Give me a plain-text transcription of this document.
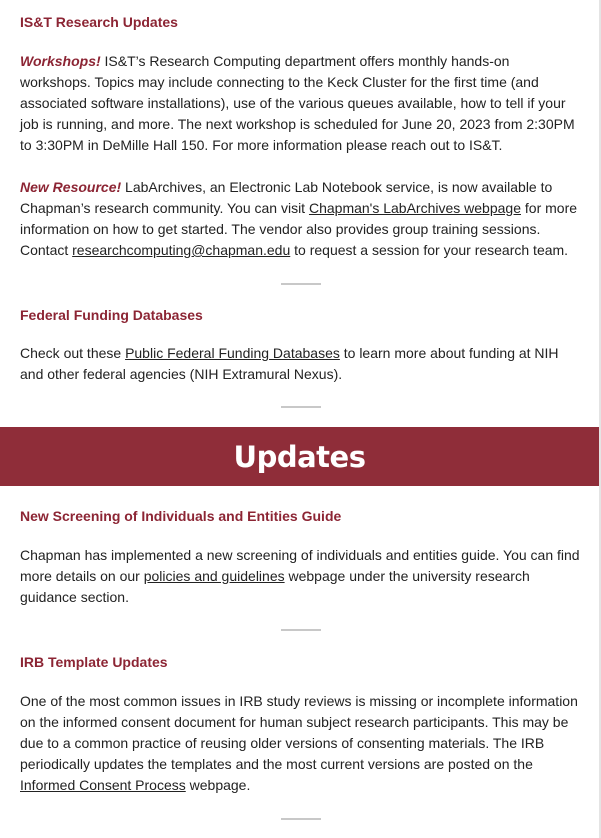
IS&T Research Updates

Workshops! IS&T’s Research Computing department offers monthly hands-on workshops. Topics may include connecting to the Keck Cluster for the first time (and associated software installations), use of the various queues available, how to tell if your job is running, and more. The next workshop is scheduled for June 20, 2023 from 2:30PM to 3:30PM in DeMille Hall 150. For more information please reach out to IS&T.

New Resource! LabArchives, an Electronic Lab Notebook service, is now available to Chapman’s research community. You can visit Chapman's LabArchives webpage for more information on how to get started. The vendor also provides group training sessions. Contact researchcomputing@chapman.edu to request a session for your research team.

Federal Funding Databases

Check out these Public Federal Funding Databases to learn more about funding at NIH and other federal agencies (NIH Extramural Nexus).

Updates
New Screening of Individuals and Entities Guide

Chapman has implemented a new screening of individuals and entities guide. You can find more details on our policies and guidelines webpage under the university research guidance section.

IRB Template Updates

One of the most common issues in IRB study reviews is missing or incomplete information on the informed consent document for human subject research participants. This may be due to a common practice of reusing older versions of consenting materials. The IRB periodically updates the templates and the most current versions are posted on the Informed Consent Process webpage.
